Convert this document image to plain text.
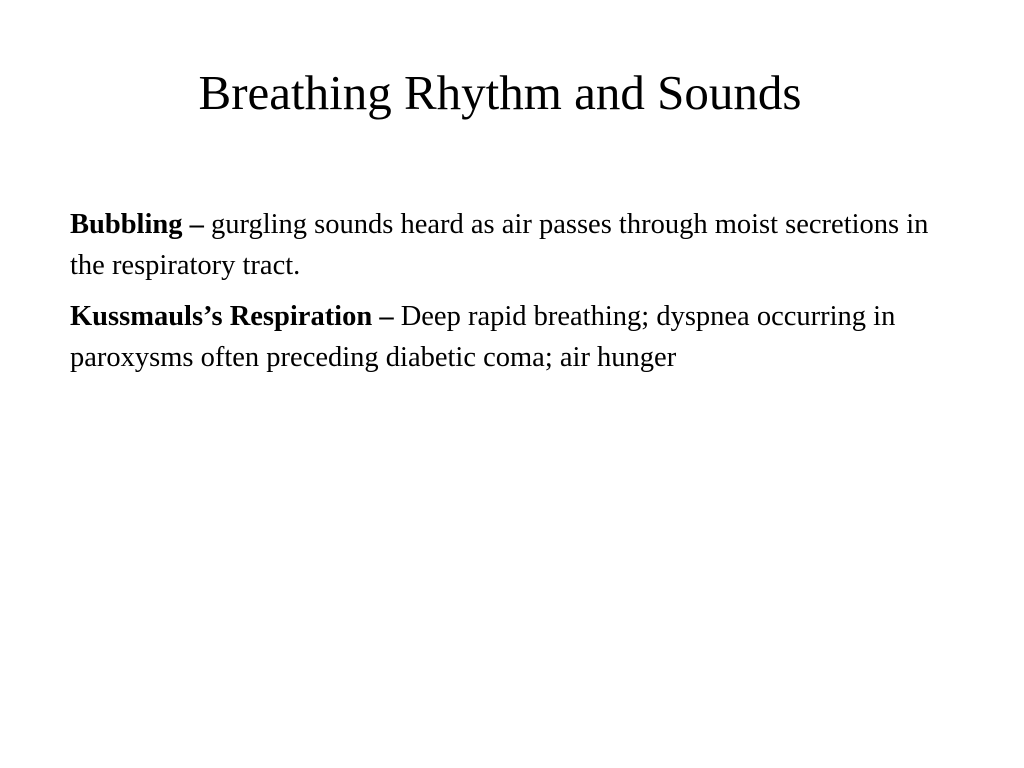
Breathing Rhythm and Sounds

Bubbling – gurgling sounds heard as air passes through moist secretions in the respiratory tract.

Kussmauls’s Respiration – Deep rapid breathing; dyspnea occurring in paroxysms often preceding diabetic coma; air hunger
